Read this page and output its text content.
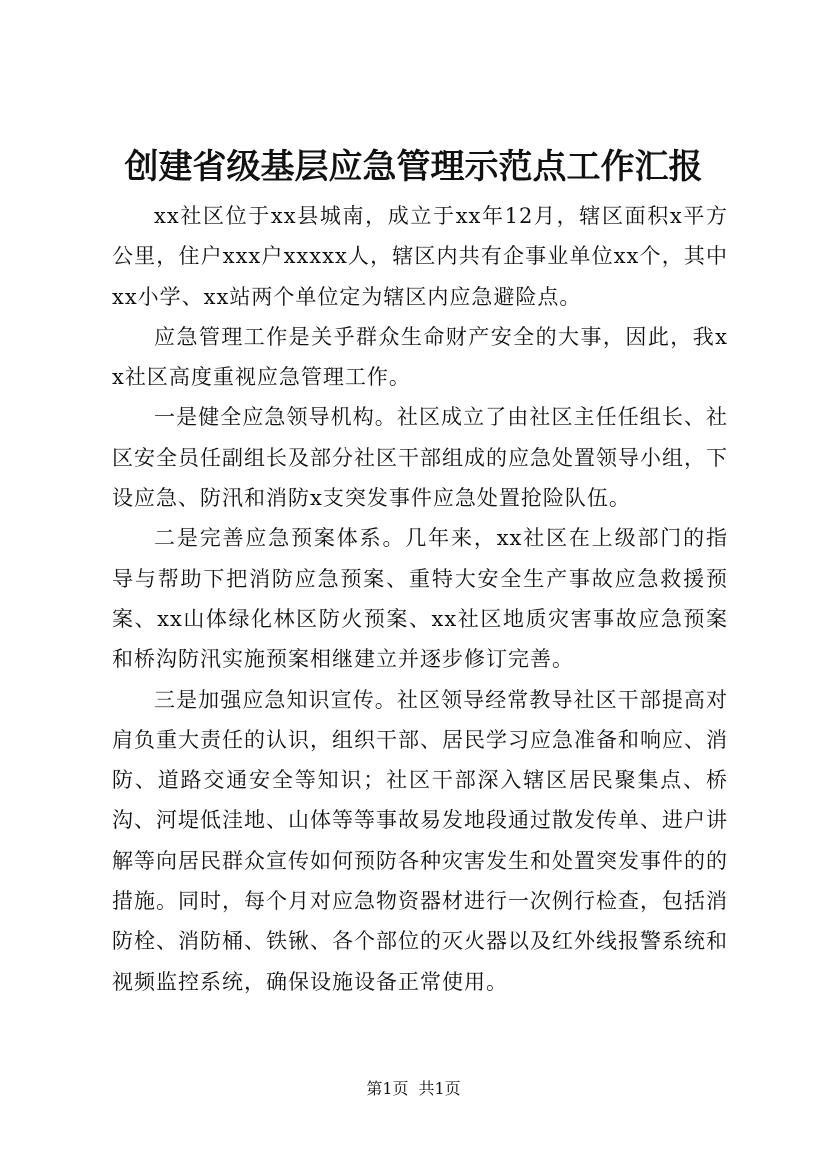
创建省级基层应急管理示范点工作汇报

xx社区位于xx县城南，成立于xx年12月，辖区面积x平方公里，住户xxx户xxxxx人，辖区内共有企事业单位xx个，其中xx小学、xx站两个单位定为辖区内应急避险点。

应急管理工作是关乎群众生命财产安全的大事，因此，我xx社区高度重视应急管理工作。

一是健全应急领导机构。社区成立了由社区主任任组长、社区安全员任副组长及部分社区干部组成的应急处置领导小组，下设应急、防汛和消防x支突发事件应急处置抢险队伍。

二是完善应急预案体系。几年来，xx社区在上级部门的指导与帮助下把消防应急预案、重特大安全生产事故应急救援预案、xx山体绿化林区防火预案、xx社区地质灾害事故应急预案和桥沟防汛实施预案相继建立并逐步修订完善。

三是加强应急知识宣传。社区领导经常教导社区干部提高对肩负重大责任的认识，组织干部、居民学习应急准备和响应、消防、道路交通安全等知识；社区干部深入辖区居民聚集点、桥沟、河堤低洼地、山体等等事故易发地段通过散发传单、进户讲解等向居民群众宣传如何预防各种灾害发生和处置突发事件的的措施。同时，每个月对应急物资器材进行一次例行检查，包括消防栓、消防桶、铁锹、各个部位的灭火器以及红外线报警系统和视频监控系统，确保设施设备正常使用。

第1页 共1页
